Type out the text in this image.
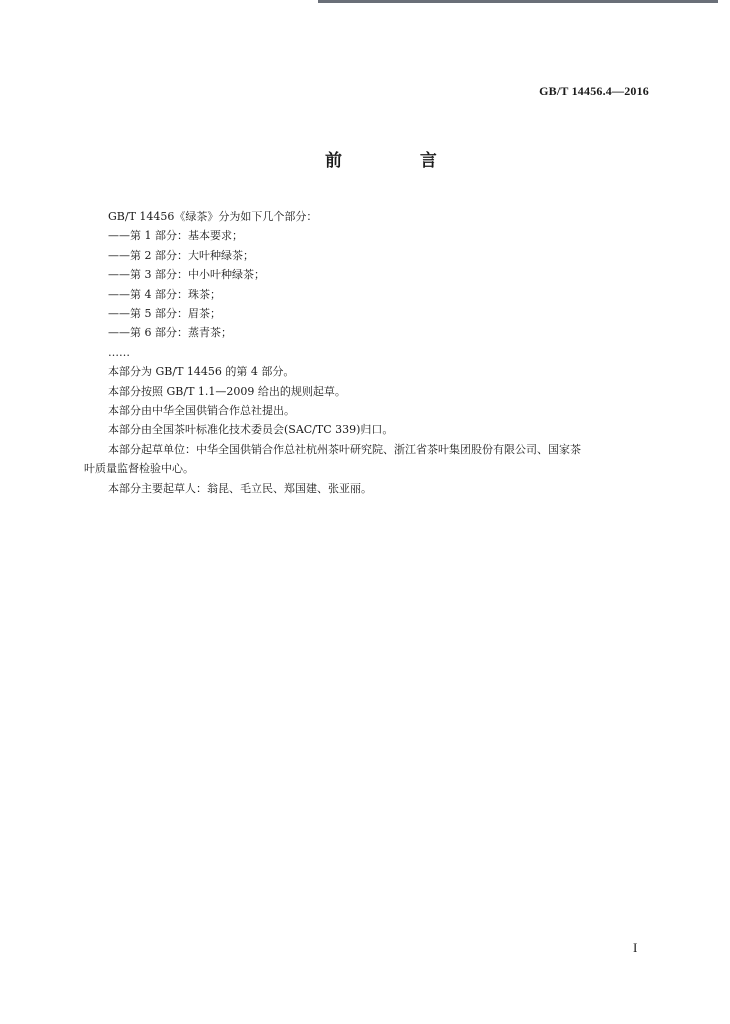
GB/T 14456.4—2016
前 言
GB/T 14456《绿茶》分为如下几个部分：
——第 1 部分：基本要求；
——第 2 部分：大叶种绿茶；
——第 3 部分：中小叶种绿茶；
——第 4 部分：珠茶；
——第 5 部分：眉茶；
——第 6 部分：蒸青茶；
……
本部分为 GB/T 14456 的第 4 部分。
本部分按照 GB/T 1.1—2009 给出的规则起草。
本部分由中华全国供销合作总社提出。
本部分由全国茶叶标准化技术委员会(SAC/TC 339)归口。
本部分起草单位：中华全国供销合作总社杭州茶叶研究院、浙江省茶叶集团股份有限公司、国家茶
叶质量监督检验中心。
本部分主要起草人：翁昆、毛立民、郑国建、张亚丽。
I
